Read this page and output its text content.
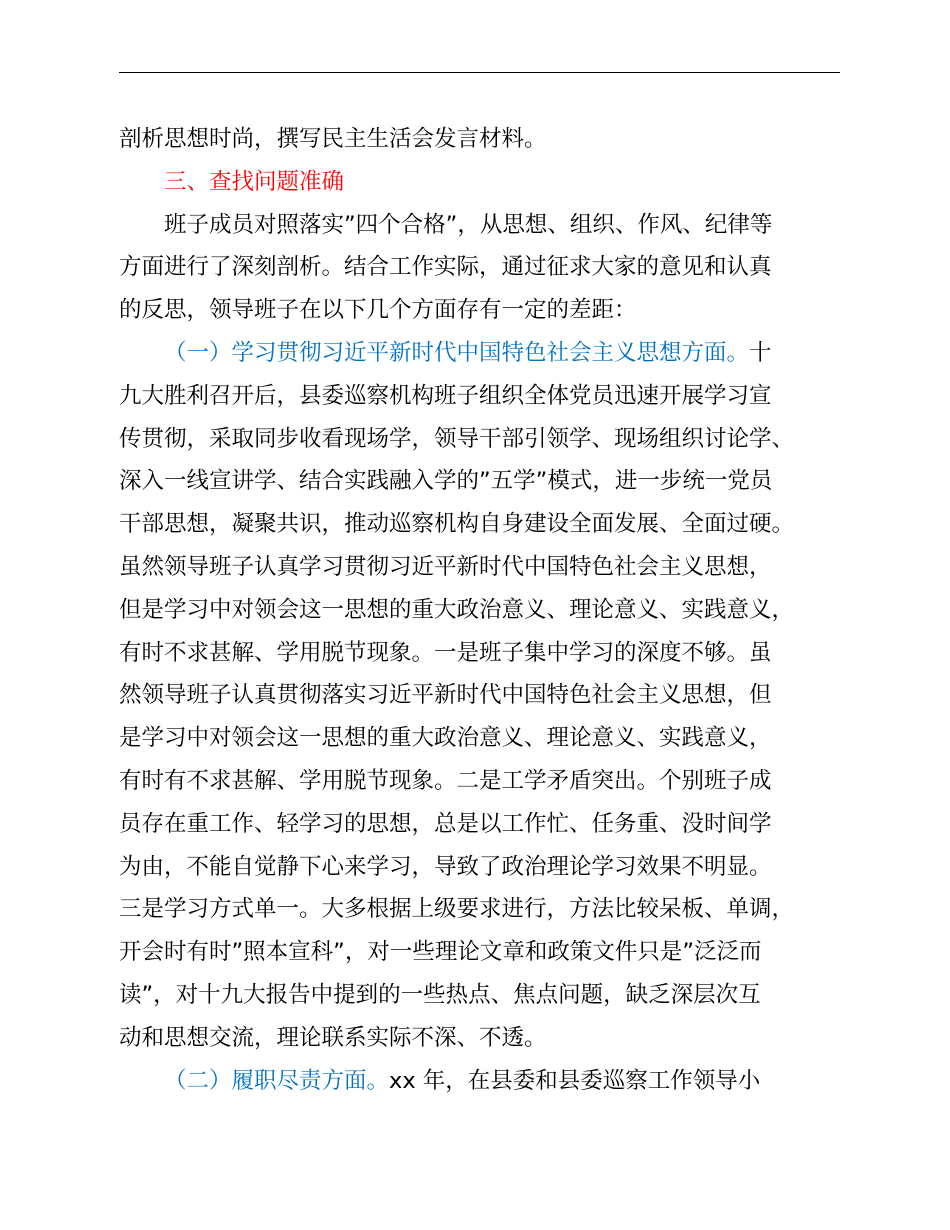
剖析思想时尚，撰写民主生活会发言材料。
三、查找问题准确
班子成员对照落实”四个合格”，从思想、组织、作风、纪律等
方面进行了深刻剖析。结合工作实际，通过征求大家的意见和认真
的反思，领导班子在以下几个方面存有一定的差距：
（一）学习贯彻习近平新时代中国特色社会主义思想方面。十
九大胜利召开后，县委巡察机构班子组织全体党员迅速开展学习宣
传贯彻，采取同步收看现场学，领导干部引领学、现场组织讨论学、
深入一线宣讲学、结合实践融入学的”五学”模式，进一步统一党员
干部思想，凝聚共识，推动巡察机构自身建设全面发展、全面过硬。
虽然领导班子认真学习贯彻习近平新时代中国特色社会主义思想，
但是学习中对领会这一思想的重大政治意义、理论意义、实践意义，
有时不求甚解、学用脱节现象。一是班子集中学习的深度不够。虽
然领导班子认真贯彻落实习近平新时代中国特色社会主义思想，但
是学习中对领会这一思想的重大政治意义、理论意义、实践意义，
有时有不求甚解、学用脱节现象。二是工学矛盾突出。个别班子成
员存在重工作、轻学习的思想，总是以工作忙、任务重、没时间学
为由，不能自觉静下心来学习，导致了政治理论学习效果不明显。
三是学习方式单一。大多根据上级要求进行，方法比较呆板、单调，
开会时有时”照本宣科”，对一些理论文章和政策文件只是”泛泛而
读”，对十九大报告中提到的一些热点、焦点问题，缺乏深层次互
动和思想交流，理论联系实际不深、不透。
（二）履职尽责方面。xx 年，在县委和县委巡察工作领导小
